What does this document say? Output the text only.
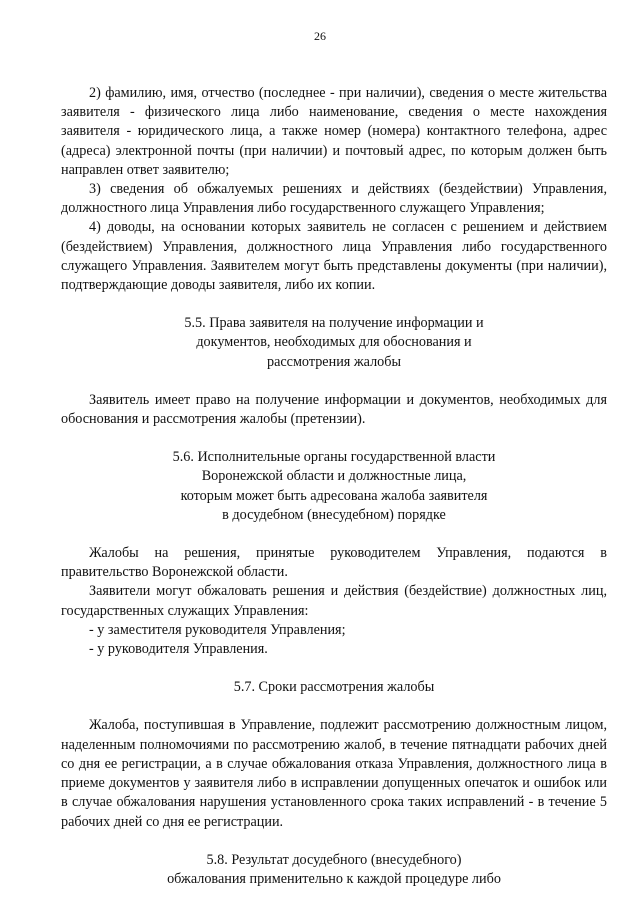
26

2) фамилию, имя, отчество (последнее - при наличии), сведения о месте жительства заявителя - физического лица либо наименование, сведения о месте нахождения заявителя - юридического лица, а также номер (номера) контактного телефона, адрес (адреса) электронной почты (при наличии) и почтовый адрес, по которым должен быть направлен ответ заявителю;

3) сведения об обжалуемых решениях и действиях (бездействии) Управления, должностного лица Управления либо государственного служащего Управления;

4) доводы, на основании которых заявитель не согласен с решением и действием (бездействием) Управления, должностного лица Управления либо государственного служащего Управления. Заявителем могут быть представлены документы (при наличии), подтверждающие доводы заявителя, либо их копии.

5.5. Права заявителя на получение информации и
документов, необходимых для обоснования и
рассмотрения жалобы

Заявитель имеет право на получение информации и документов, необходимых для обоснования и рассмотрения жалобы (претензии).

5.6. Исполнительные органы государственной власти
Воронежской области и должностные лица,
которым может быть адресована жалоба заявителя
в досудебном (внесудебном) порядке

Жалобы на решения, принятые руководителем Управления, подаются в правительство Воронежской области.

Заявители могут обжаловать решения и действия (бездействие) должностных лиц, государственных служащих Управления:

- у заместителя руководителя Управления;

- у руководителя Управления.

5.7. Сроки рассмотрения жалобы

Жалоба, поступившая в Управление, подлежит рассмотрению должностным лицом, наделенным полномочиями по рассмотрению жалоб, в течение пятнадцати рабочих дней со дня ее регистрации, а в случае обжалования отказа Управления, должностного лица в приеме документов у заявителя либо в исправлении допущенных опечаток и ошибок или в случае обжалования нарушения установленного срока таких исправлений - в течение 5 рабочих дней со дня ее регистрации.

5.8. Результат досудебного (внесудебного)
обжалования применительно к каждой процедуре либо
